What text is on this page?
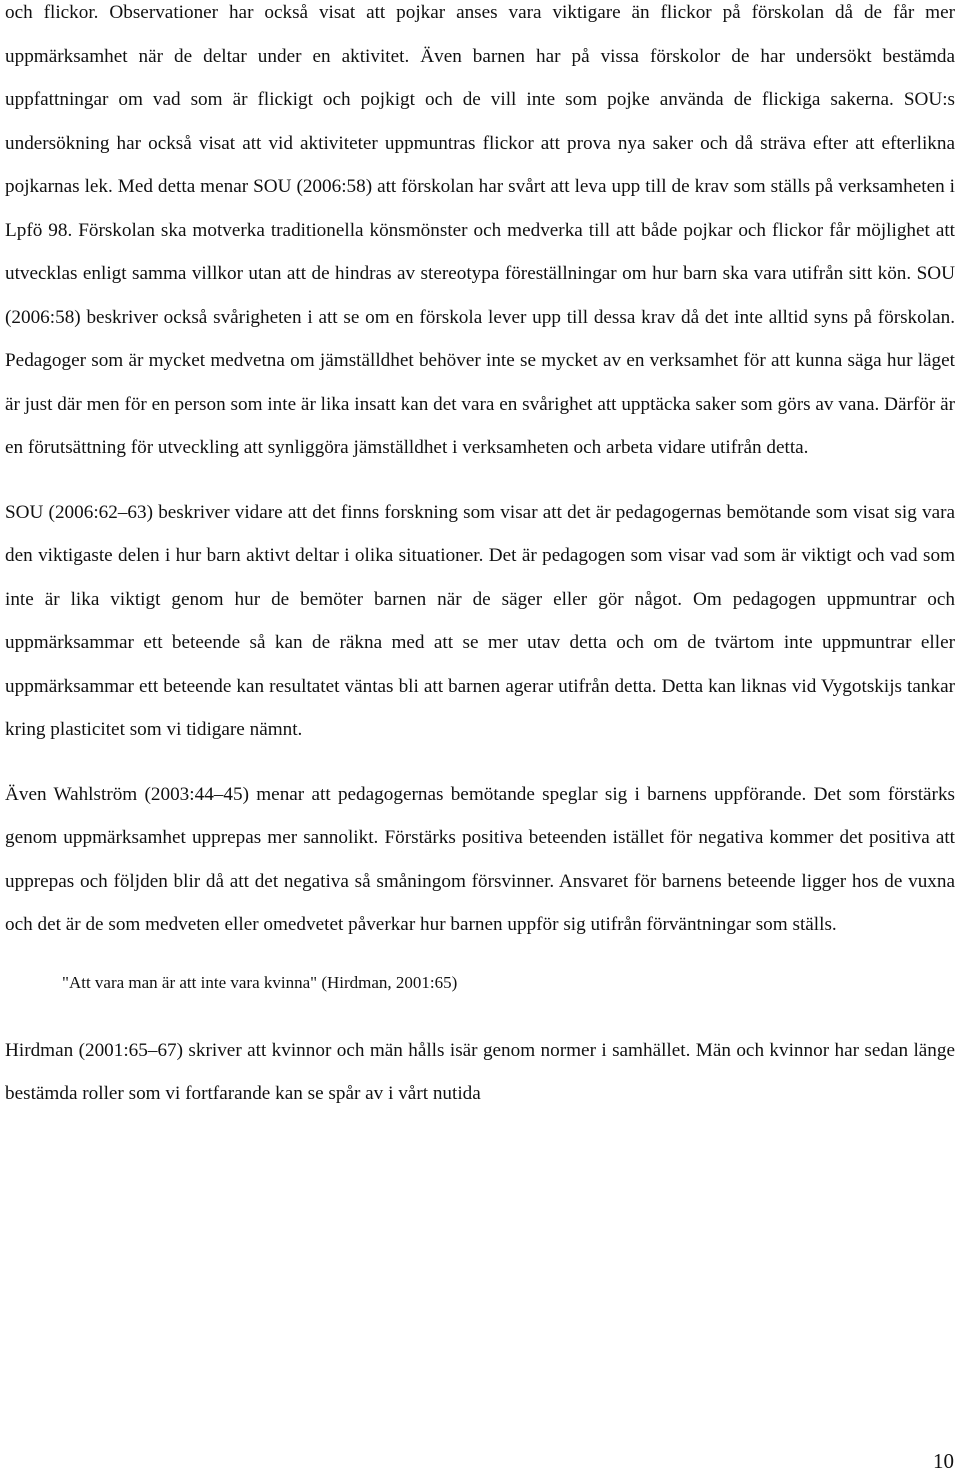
och flickor. Observationer har också visat att pojkar anses vara viktigare än flickor på förskolan då de får mer uppmärksamhet när de deltar under en aktivitet. Även barnen har på vissa förskolor de har undersökt bestämda uppfattningar om vad som är flickigt och pojkigt och de vill inte som pojke använda de flickiga sakerna. SOU:s undersökning har också visat att vid aktiviteter uppmuntras flickor att prova nya saker och då sträva efter att efterlikna pojkarnas lek. Med detta menar SOU (2006:58) att förskolan har svårt att leva upp till de krav som ställs på verksamheten i Lpfö 98. Förskolan ska motverka traditionella könsmönster och medverka till att både pojkar och flickor får möjlighet att utvecklas enligt samma villkor utan att de hindras av stereotypa föreställningar om hur barn ska vara utifrån sitt kön. SOU (2006:58) beskriver också svårigheten i att se om en förskola lever upp till dessa krav då det inte alltid syns på förskolan. Pedagoger som är mycket medvetna om jämställdhet behöver inte se mycket av en verksamhet för att kunna säga hur läget är just där men för en person som inte är lika insatt kan det vara en svårighet att upptäcka saker som görs av vana. Därför är en förutsättning för utveckling att synliggöra jämställdhet i verksamheten och arbeta vidare utifrån detta.

SOU (2006:62–63) beskriver vidare att det finns forskning som visar att det är pedagogernas bemötande som visat sig vara den viktigaste delen i hur barn aktivt deltar i olika situationer. Det är pedagogen som visar vad som är viktigt och vad som inte är lika viktigt genom hur de bemöter barnen när de säger eller gör något. Om pedagogen uppmuntrar och uppmärksammar ett beteende så kan de räkna med att se mer utav detta och om de tvärtom inte uppmuntrar eller uppmärksammar ett beteende kan resultatet väntas bli att barnen agerar utifrån detta. Detta kan liknas vid Vygotskijs tankar kring plasticitet som vi tidigare nämnt.

Även Wahlström (2003:44–45) menar att pedagogernas bemötande speglar sig i barnens uppförande. Det som förstärks genom uppmärksamhet upprepas mer sannolikt. Förstärks positiva beteenden istället för negativa kommer det positiva att upprepas och följden blir då att det negativa så småningom försvinner. Ansvaret för barnens beteende ligger hos de vuxna och det är de som medveten eller omedvetet påverkar hur barnen uppför sig utifrån förväntningar som ställs.

"Att vara man är att inte vara kvinna" (Hirdman, 2001:65)

Hirdman (2001:65–67) skriver att kvinnor och män hålls isär genom normer i samhället. Män och kvinnor har sedan länge bestämda roller som vi fortfarande kan se spår av i vårt nutida

10
